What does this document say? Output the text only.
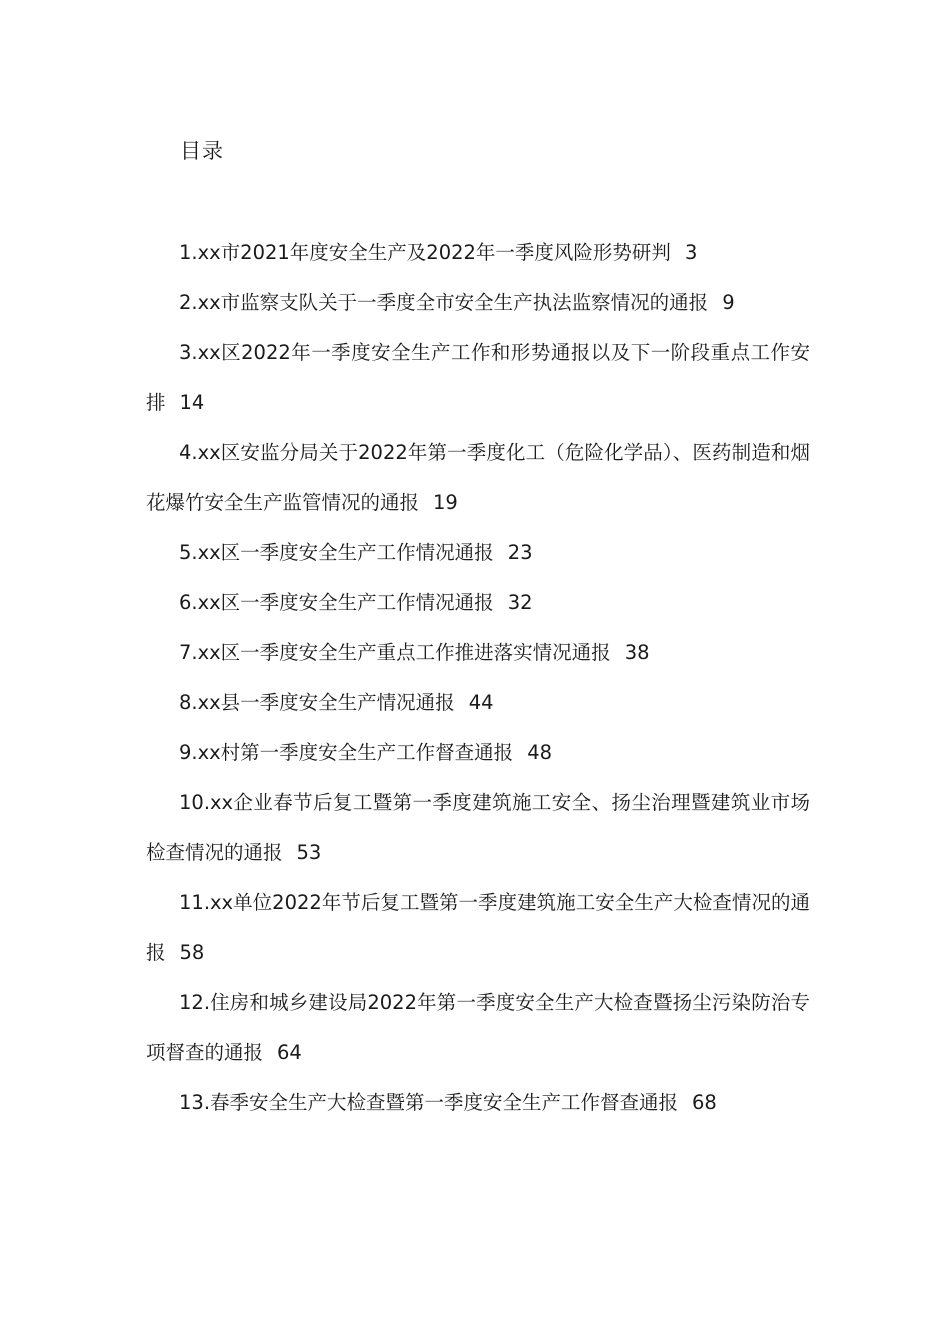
目录
1.xx市2021年度安全生产及2022年一季度风险形势研判 3
2.xx市监察支队关于一季度全市安全生产执法监察情况的通报 9
3.xx区2022年一季度安全生产工作和形势通报以及下一阶段重点工作安排 14
4.xx区安监分局关于2022年第一季度化工（危险化学品）、医药制造和烟花爆竹安全生产监管情况的通报 19
5.xx区一季度安全生产工作情况通报 23
6.xx区一季度安全生产工作情况通报 32
7.xx区一季度安全生产重点工作推进落实情况通报 38
8.xx县一季度安全生产情况通报 44
9.xx村第一季度安全生产工作督查通报 48
10.xx企业春节后复工暨第一季度建筑施工安全、扬尘治理暨建筑业市场检查情况的通报 53
11.xx单位2022年节后复工暨第一季度建筑施工安全生产大检查情况的通报 58
12.住房和城乡建设局2022年第一季度安全生产大检查暨扬尘污染防治专项督查的通报 64
13.春季安全生产大检查暨第一季度安全生产工作督查通报 68
